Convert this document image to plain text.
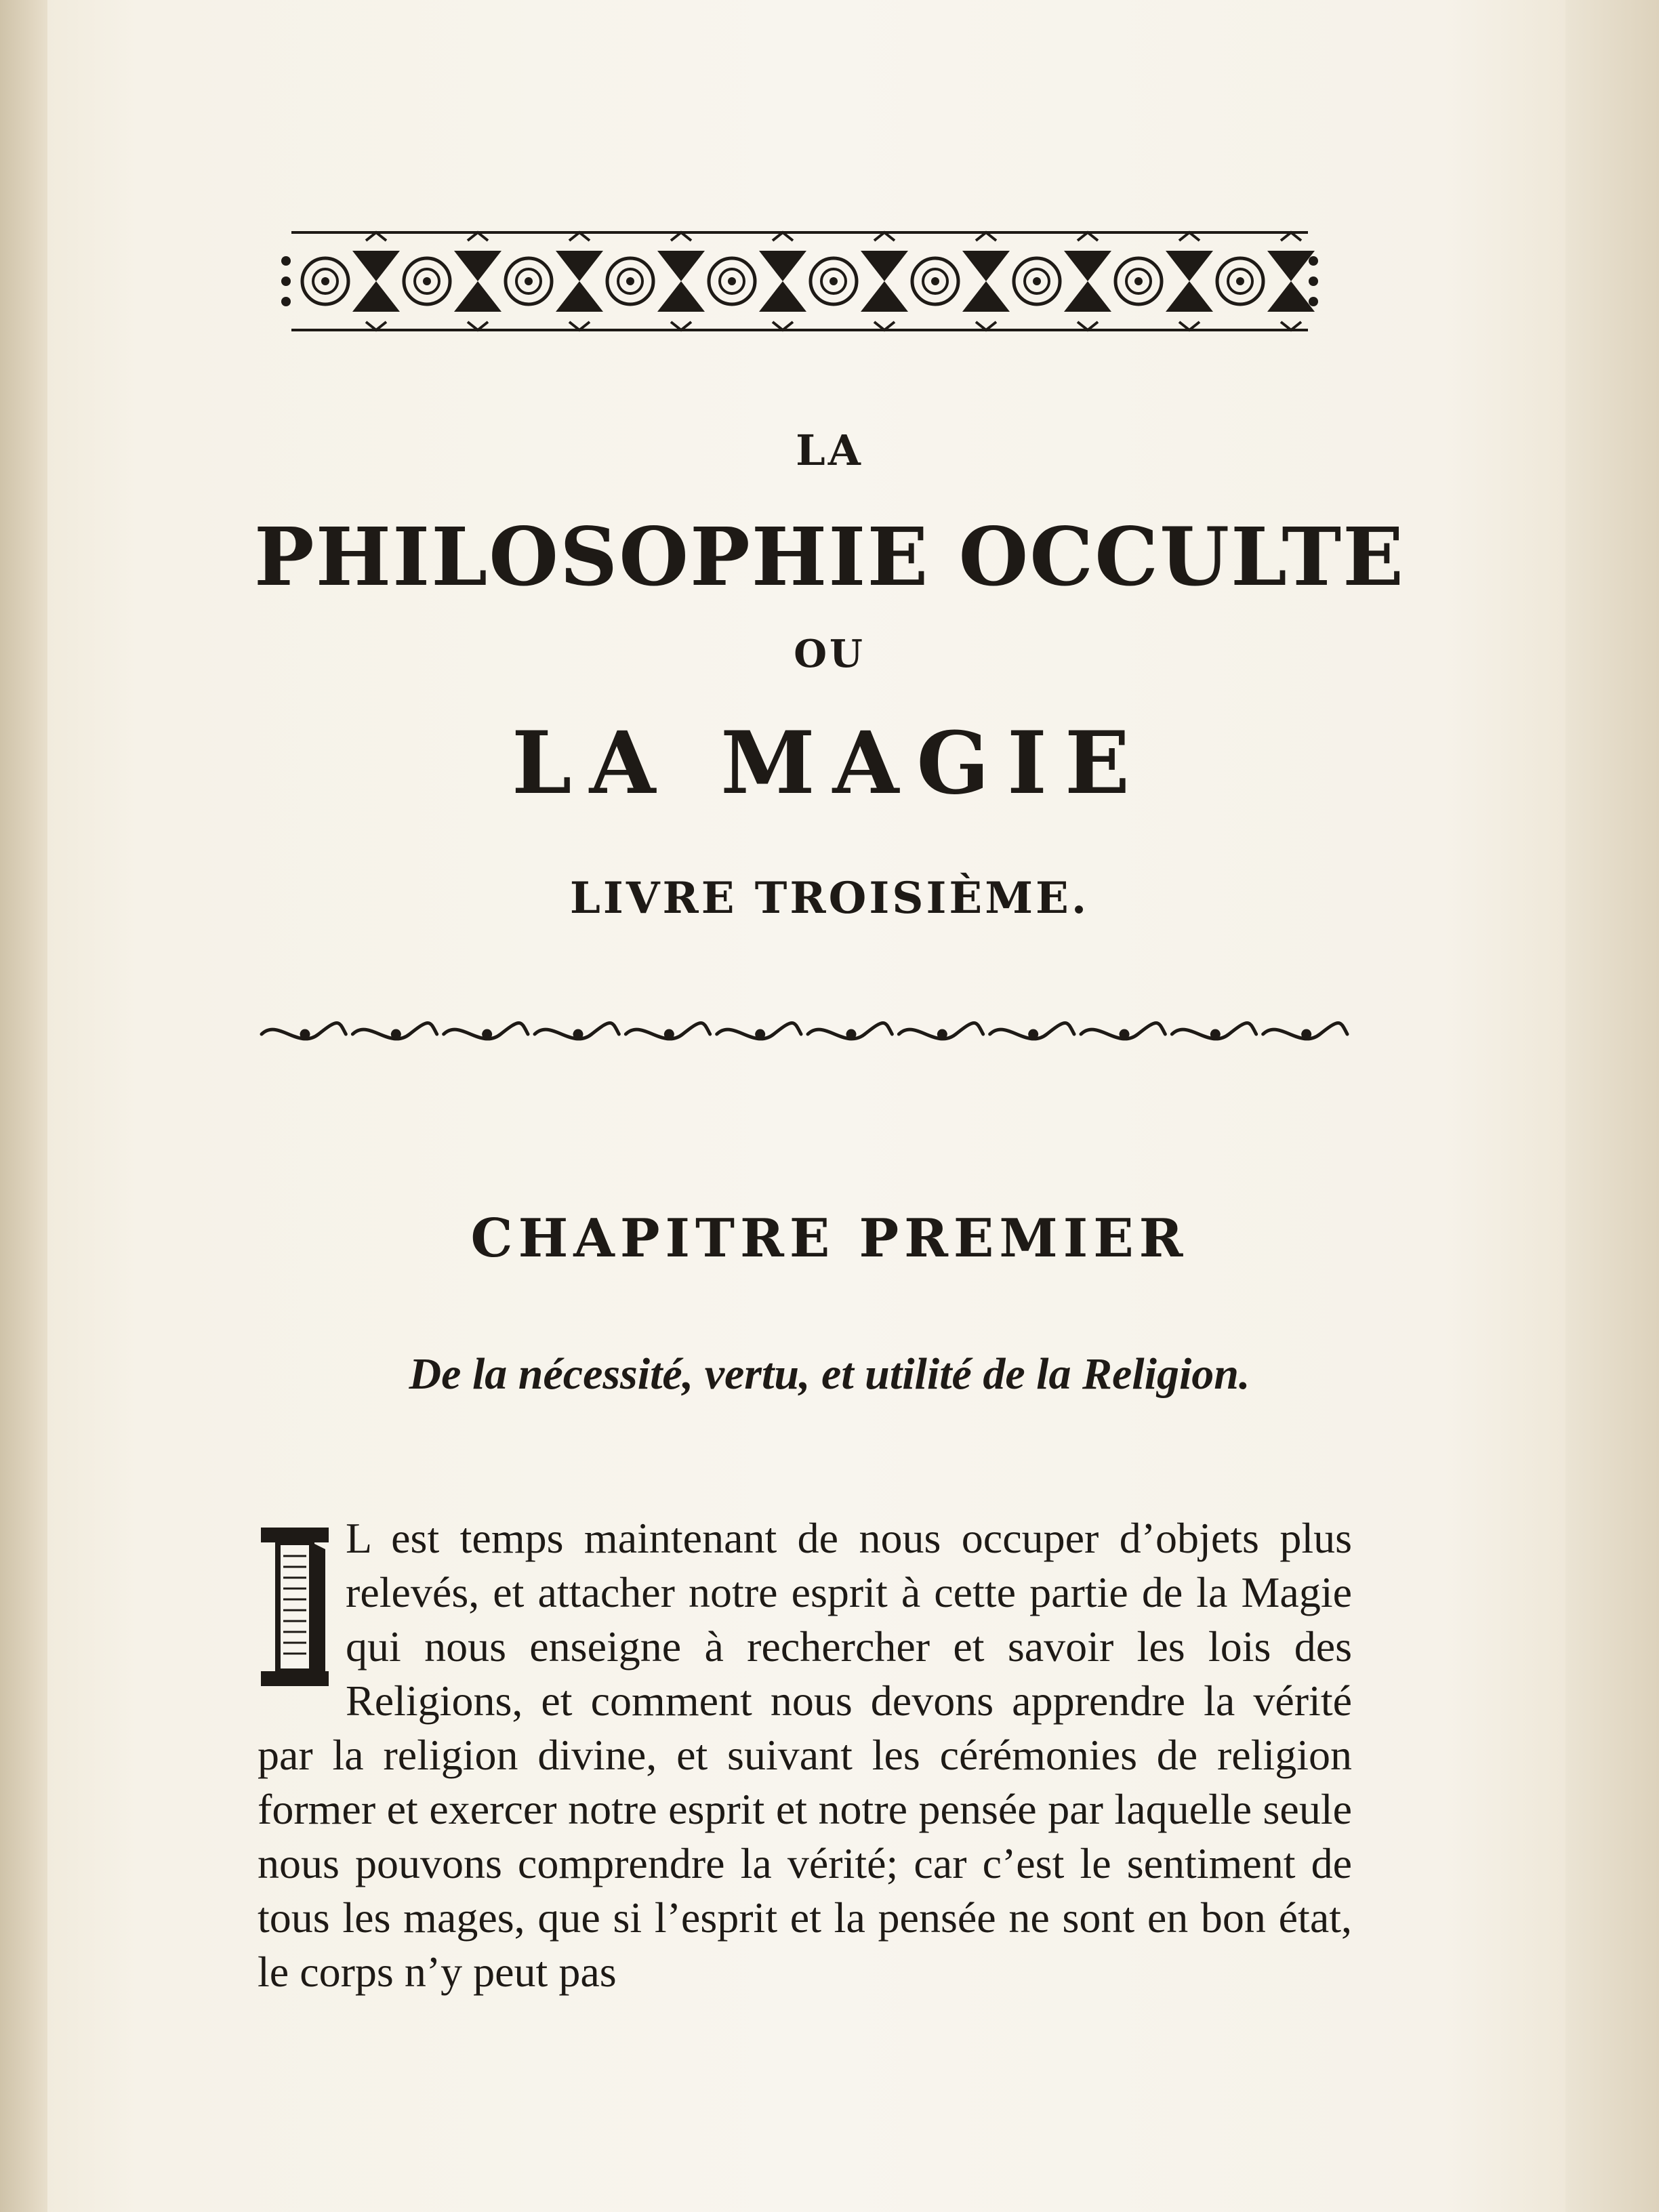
LA
PHILOSOPHIE OCCULTE
OU
LA MAGIE
LIVRE TROISIÈME.
CHAPITRE PREMIER
De la nécessité, vertu, et utilité de la Religion.

L est temps maintenant de nous occuper d’objets plus relevés, et attacher notre esprit à cette partie de la Magie qui nous enseigne à rechercher et savoir les lois des Religions, et comment nous devons apprendre la vérité par la religion divine, et suivant les cérémonies de religion former et exercer notre esprit et notre pensée par laquelle seule nous pouvons comprendre la vérité; car c’est le sentiment de tous les mages, que si l’esprit et la pensée ne sont en bon état, le corps n’y peut pas
